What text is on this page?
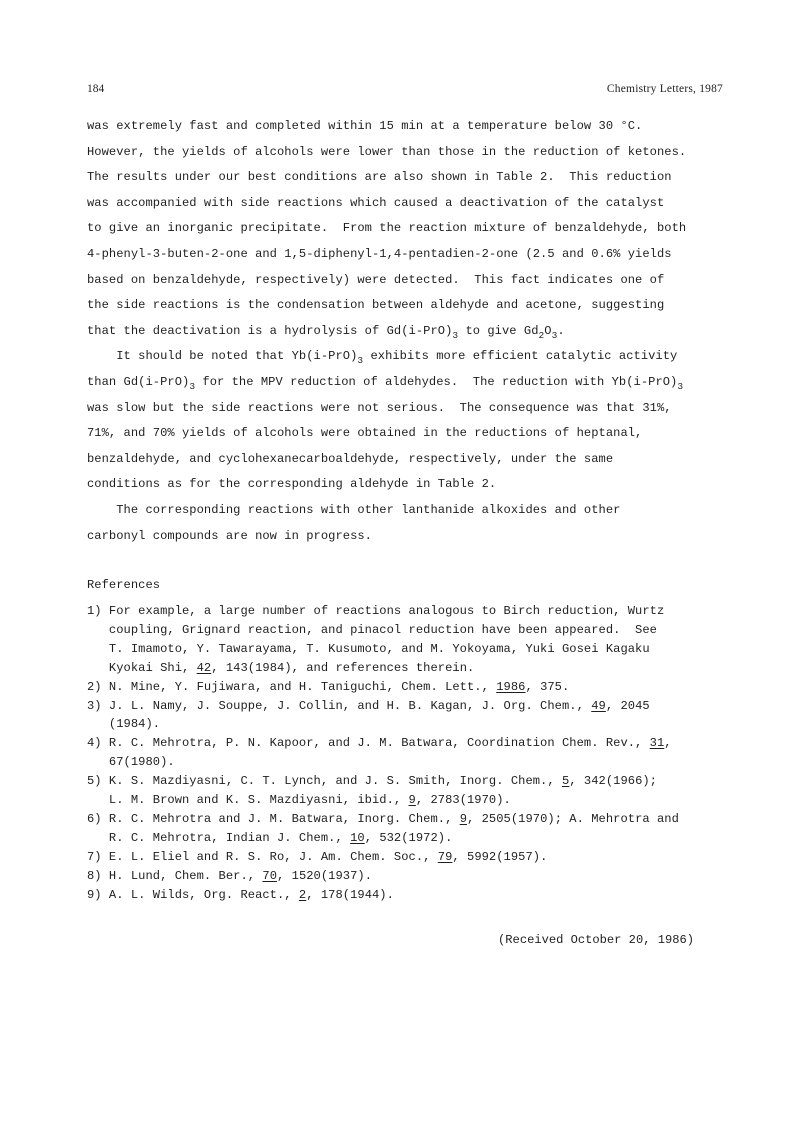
184	Chemistry Letters, 1987
was extremely fast and completed within 15 min at a temperature below 30 °C.
However, the yields of alcohols were lower than those in the reduction of ketones.
The results under our best conditions are also shown in Table 2.  This reduction
was accompanied with side reactions which caused a deactivation of the catalyst
to give an inorganic precipitate.  From the reaction mixture of benzaldehyde, both
4-phenyl-3-buten-2-one and 1,5-diphenyl-1,4-pentadien-2-one (2.5 and 0.6% yields
based on benzaldehyde, respectively) were detected.  This fact indicates one of
the side reactions is the condensation between aldehyde and acetone, suggesting
that the deactivation is a hydrolysis of $Gd(i-PrO)_3$ to give $Gd_2O_3$.
It should be noted that $Yb(i-PrO)_3$ exhibits more efficient catalytic activity
than $Gd(i-PrO)_3$ for the MPV reduction of aldehydes.  The reduction with $Yb(i-PrO)_3$
was slow but the side reactions were not serious.  The consequence was that 31%,
71%, and 70% yields of alcohols were obtained in the reductions of heptanal,
benzaldehyde, and cyclohexanecarboaldehyde, respectively, under the same
conditions as for the corresponding aldehyde in Table 2.
The corresponding reactions with other lanthanide alkoxides and other
carbonyl compounds are now in progress.
References
1) For example, a large number of reactions analogous to Birch reduction, Wurtz
coupling, Grignard reaction, and pinacol reduction have been appeared.  See
T. Imamoto, Y. Tawarayama, T. Kusumoto, and M. Yokoyama, Yuki Gosei Kagaku
Kyokai Shi, 42, 143(1984), and references therein.
2) N. Mine, Y. Fujiwara, and H. Taniguchi, Chem. Lett., 1986, 375.
3) J. L. Namy, J. Souppe, J. Collin, and H. B. Kagan, J. Org. Chem., 49, 2045
(1984).
4) R. C. Mehrotra, P. N. Kapoor, and J. M. Batwara, Coordination Chem. Rev., 31,
67(1980).
5) K. S. Mazdiyasni, C. T. Lynch, and J. S. Smith, Inorg. Chem., 5, 342(1966);
L. M. Brown and K. S. Mazdiyasni, ibid., 9, 2783(1970).
6) R. C. Mehrotra and J. M. Batwara, Inorg. Chem., 9, 2505(1970); A. Mehrotra and
R. C. Mehrotra, Indian J. Chem., 10, 532(1972).
7) E. L. Eliel and R. S. Ro, J. Am. Chem. Soc., 79, 5992(1957).
8) H. Lund, Chem. Ber., 70, 1520(1937).
9) A. L. Wilds, Org. React., 2, 178(1944).
(Received October 20, 1986)
